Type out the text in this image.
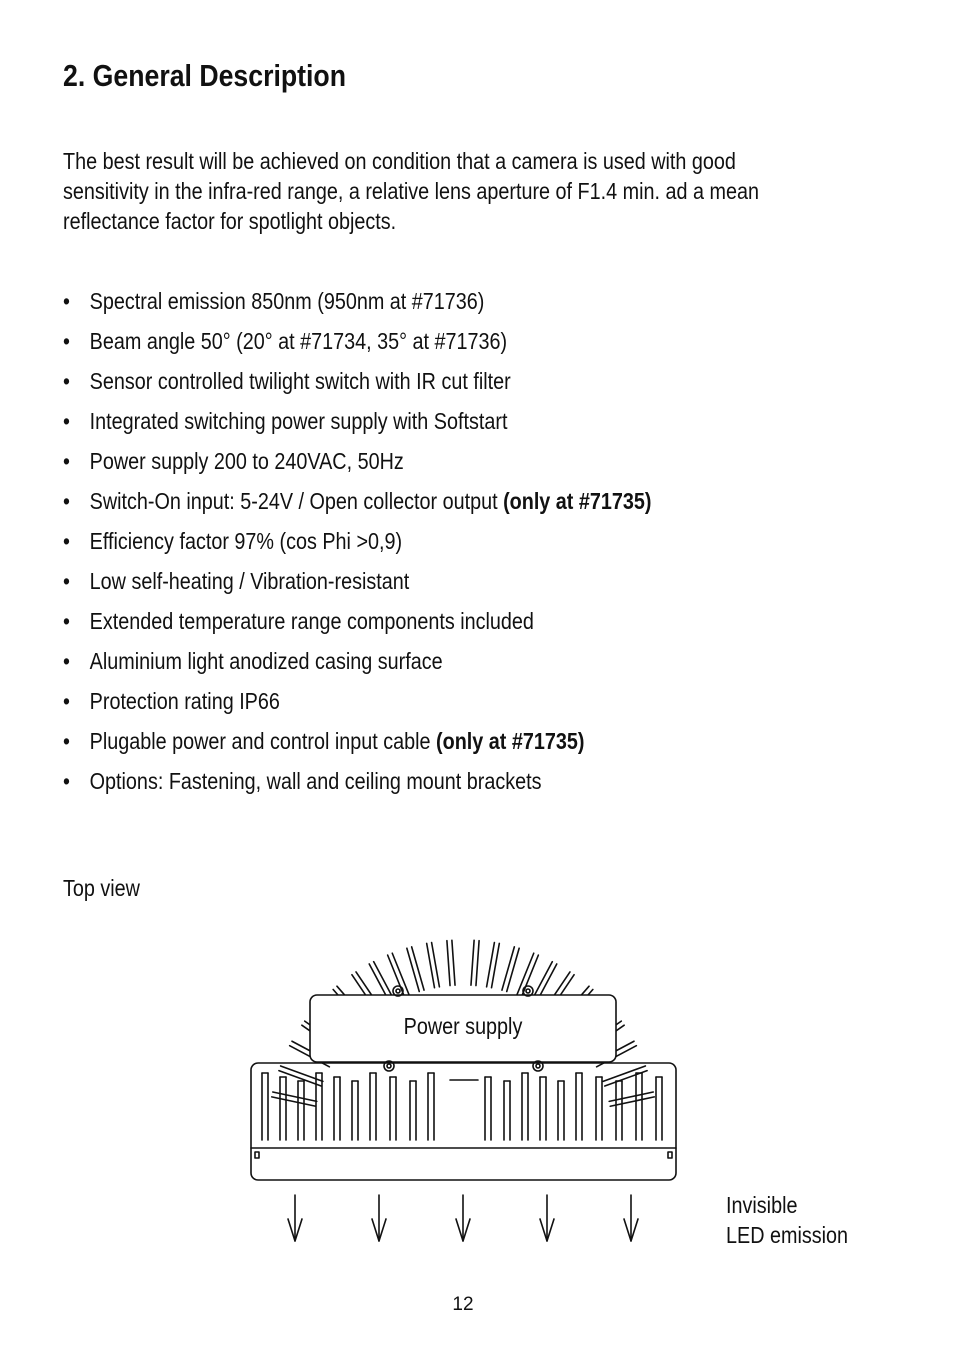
2. General Description

The best result will be achieved on condition that a camera is used with good
sensitivity in the infra-red range, a relative lens aperture of F1.4 min. ad a mean
reflectance factor for spotlight objects.

• Spectral emission 850nm (950nm at #71736)
• Beam angle 50° (20° at #71734, 35° at #71736)
• Sensor controlled twilight switch with IR cut filter
• Integrated switching power supply with Softstart
• Power supply 200 to 240VAC, 50Hz
• Switch-On input: 5-24V / Open collector output (only at #71735)
• Efficiency factor 97% (cos Phi >0,9)
• Low self-heating / Vibration-resistant
• Extended temperature range components included
• Aluminium light anodized casing surface
• Protection rating IP66
• Plugable power and control input cable (only at #71735)
• Options: Fastening, wall and ceiling mount brackets

Top view

Power supply

Invisible
LED emission

12
